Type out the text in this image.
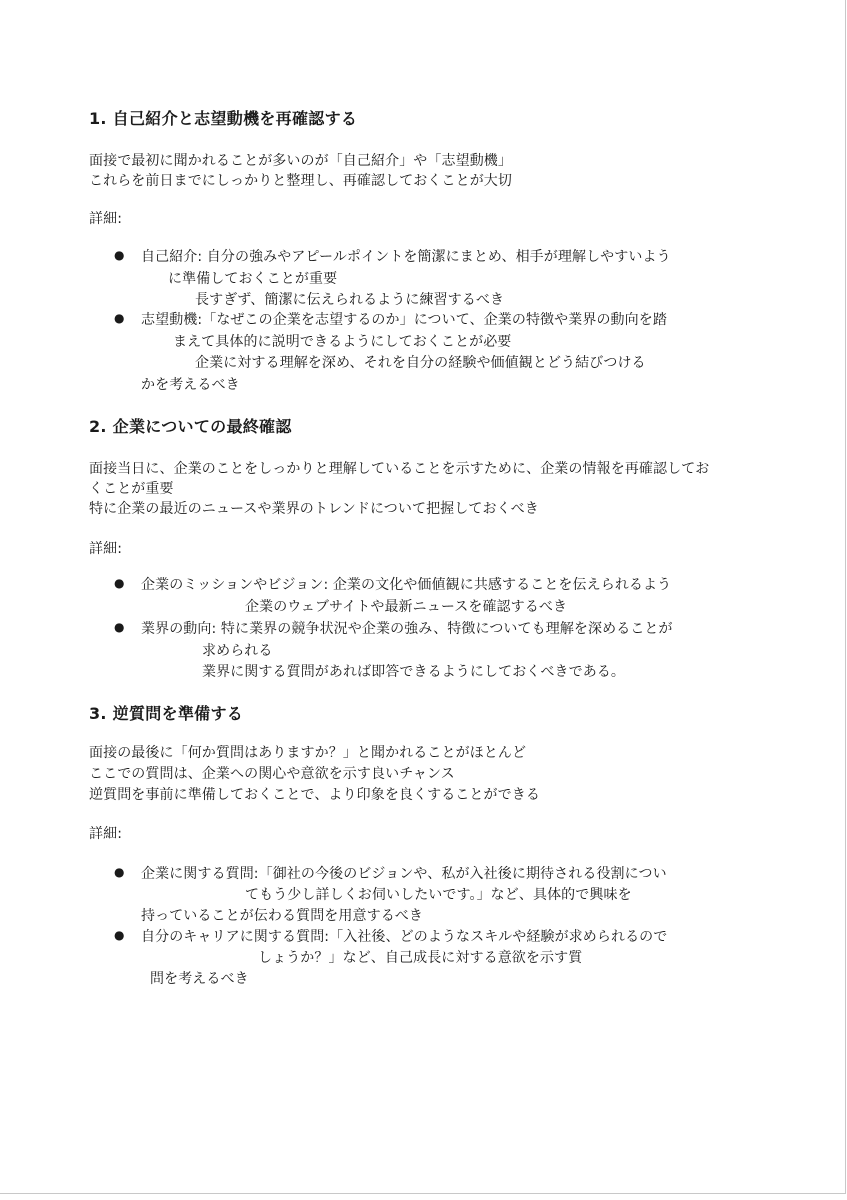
1. 自己紹介と志望動機を再確認する
面接で最初に聞かれることが多いのが「自己紹介」や「志望動機」
これらを前日までにしっかりと整理し、再確認しておくことが大切
詳細:
● 自己紹介: 自分の強みやアピールポイントを簡潔にまとめ、相手が理解しやすいよう
に準備しておくことが重要
長すぎず、簡潔に伝えられるように練習するべき
● 志望動機:「なぜこの企業を志望するのか」について、企業の特徴や業界の動向を踏
まえて具体的に説明できるようにしておくことが必要
企業に対する理解を深め、それを自分の経験や価値観とどう結びつける
かを考えるべき
2. 企業についての最終確認
面接当日に、企業のことをしっかりと理解していることを示すために、企業の情報を再確認してお
くことが重要
特に企業の最近のニュースや業界のトレンドについて把握しておくべき
詳細:
● 企業のミッションやビジョン: 企業の文化や価値観に共感することを伝えられるよう
企業のウェブサイトや最新ニュースを確認するべき
● 業界の動向: 特に業界の競争状況や企業の強み、特徴についても理解を深めることが
求められる
業界に関する質問があれば即答できるようにしておくべきである。
3. 逆質問を準備する
面接の最後に「何か質問はありますか？」と聞かれることがほとんど
ここでの質問は、企業への関心や意欲を示す良いチャンス
逆質問を事前に準備しておくことで、より印象を良くすることができる
詳細:
● 企業に関する質問:「御社の今後のビジョンや、私が入社後に期待される役割につい
てもう少し詳しくお伺いしたいです。」など、具体的で興味を
持っていることが伝わる質問を用意するべき
● 自分のキャリアに関する質問:「入社後、どのようなスキルや経験が求められるので
しょうか？」など、自己成長に対する意欲を示す質
問を考えるべき
